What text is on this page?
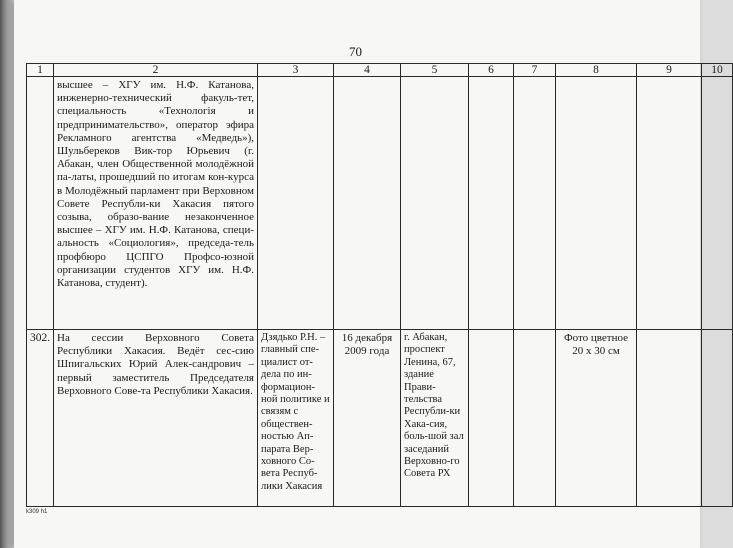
70
1	2	3	4	5	6	7	8	9	10
	высшее – ХГУ им. Н.Ф. Катанова, инженерно-технический факуль-тет, специальность «Технологія и предпринимательство», оператор эфира Рекламного агентства «Медведь»), Шульбереков Вик-тор Юрьевич (г. Абакан, член Общественной молодёжной па-латы, прошедший по итогам кон-курса в Молодёжный парламент при Верховном Совете Республи-ки Хакасия пятого созыва, образо-вание незаконченное высшее – ХГУ им. Н.Ф. Катанова, специ-альность «Социология», председа-тель профбюро ЦСПГО Профсо-юзной организации студентов ХГУ им. Н.Ф. Катанова, студент).								
302.	На сессии Верховного Совета Республики Хакасия. Ведёт сес-сию Шпигальских Юрий Алек-сандрович – первый заместитель Председателя Верховного Сове-та Республики Хакасия.	Дзядько Р.Н. – главный спе-циалист от-дела по ин-формацион-ной политике и связям с обществен-ностью Ап-парата Вер-ховного Со-вета Респуб-лики Хакасия	16 декабря 2009 года	г. Абакан, проспект Ленина, 67, здание Прави-тельства Республи-ки Хака-сия, боль-шой зал заседаний Верховно-го Совета РХ			Фото цветное 20 х 30 см		
k309 h1
